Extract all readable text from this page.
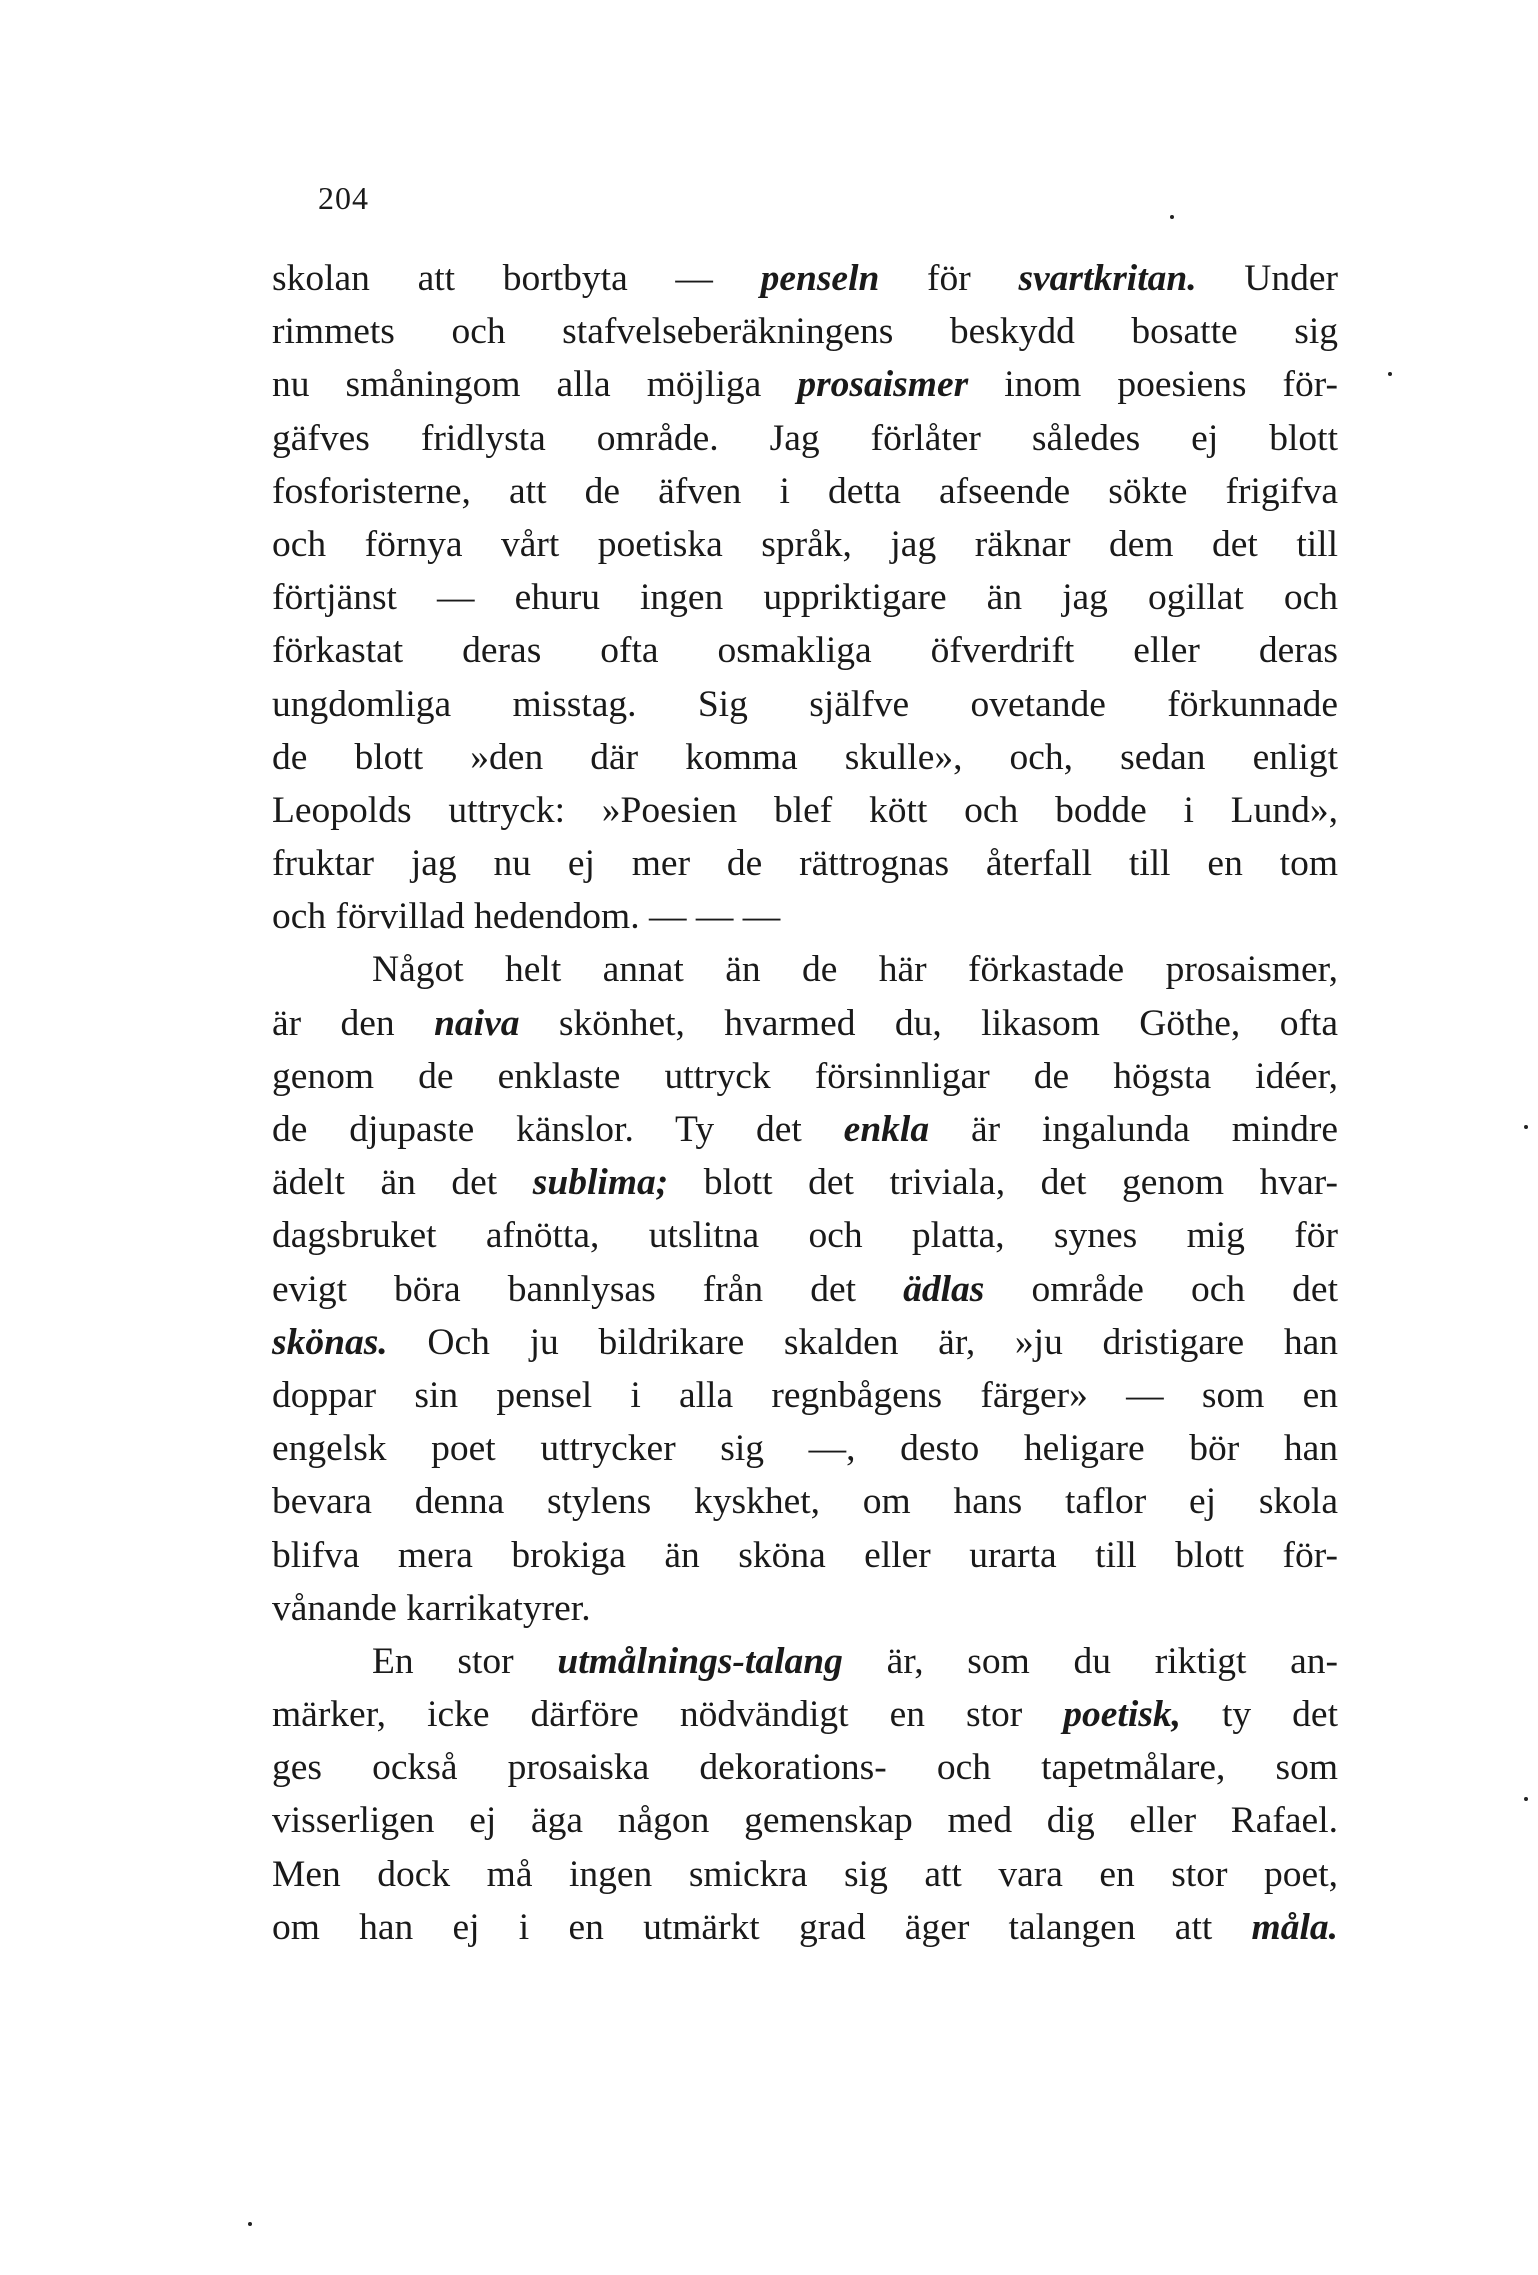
204
skolan att bortbyta — penseln för svartkritan. Under
rimmets och stafvelseberäkningens beskydd bosatte sig
nu småningom alla möjliga prosaismer inom poesiens för-
gäfves fridlysta område. Jag förlåter således ej blott
fosforisterne, att de äfven i detta afseende sökte frigifva
och förnya vårt poetiska språk, jag räknar dem det till
förtjänst — ehuru ingen uppriktigare än jag ogillat och
förkastat deras ofta osmakliga öfverdrift eller deras
ungdomliga misstag. Sig själfve ovetande förkunnade
de blott »den där komma skulle», och, sedan enligt
Leopolds uttryck: »Poesien blef kött och bodde i Lund»,
fruktar jag nu ej mer de rättrognas återfall till en tom
och förvillad hedendom. — — —
Något helt annat än de här förkastade prosaismer,
är den naiva skönhet, hvarmed du, likasom Göthe, ofta
genom de enklaste uttryck försinnligar de högsta idéer,
de djupaste känslor. Ty det enkla är ingalunda mindre
ädelt än det sublima; blott det triviala, det genom hvar-
dagsbruket afnötta, utslitna och platta, synes mig för
evigt böra bannlysas från det ädlas område och det
skönas. Och ju bildrikare skalden är, »ju dristigare han
doppar sin pensel i alla regnbågens färger» — som en
engelsk poet uttrycker sig —, desto heligare bör han
bevara denna stylens kyskhet, om hans taflor ej skola
blifva mera brokiga än sköna eller urarta till blott för-
vånande karrikatyrer.
En stor utmålnings-talang är, som du riktigt an-
märker, icke därföre nödvändigt en stor poetisk, ty det
ges också prosaiska dekorations- och tapetmålare, som
visserligen ej äga någon gemenskap med dig eller Rafael.
Men dock må ingen smickra sig att vara en stor poet,
om han ej i en utmärkt grad äger talangen att måla.
